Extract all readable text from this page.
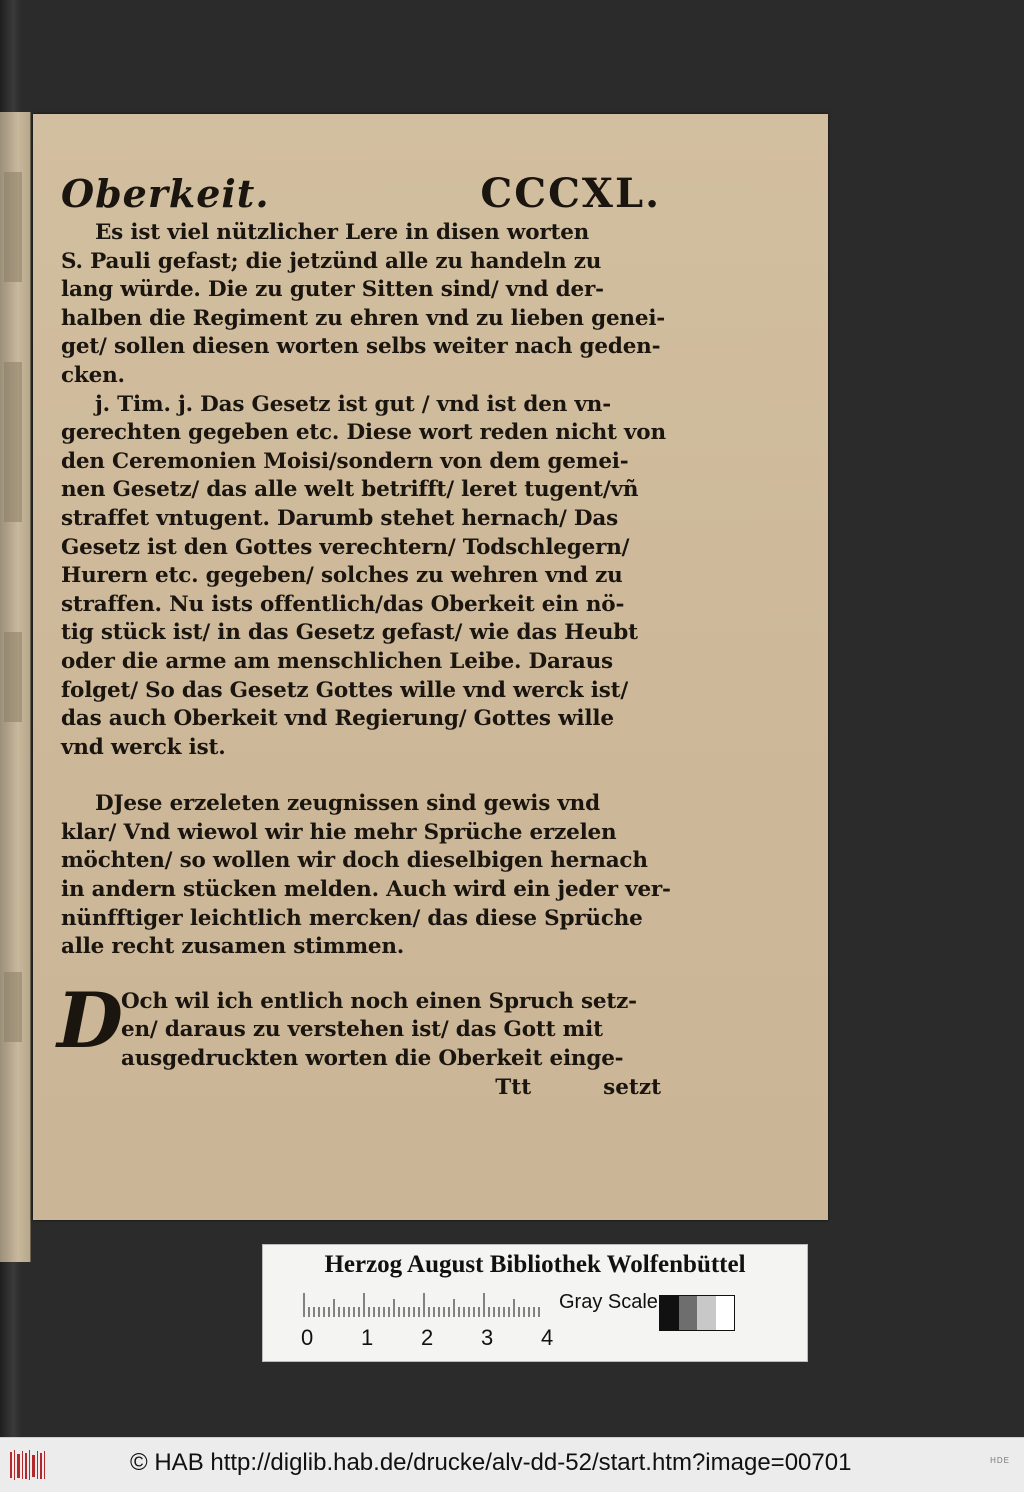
Oberkeit.	CCCXL.
Es ist viel nützlicher Lere in disen worten
S. Pauli gefast; die jetzünd alle zu handeln zu
lang würde. Die zu guter Sitten sind/ vnd der-
halben die Regiment zu ehren vnd zu lieben genei-
get/ sollen diesen worten selbs weiter nach geden-
cken.
j. Tim. j. Das Gesetz ist gut / vnd ist den vn-
gerechten gegeben etc. Diese wort reden nicht von
den Ceremonien Moisi/sondern von dem gemei-
nen Gesetz/ das alle welt betrifft/ leret tugent/vñ
straffet vntugent. Darumb stehet hernach/ Das
Gesetz ist den Gottes verechtern/ Todschlegern/
Hurern etc. gegeben/ solches zu wehren vnd zu
straffen. Nu ists offentlich/das Oberkeit ein nö-
tig stück ist/ in das Gesetz gefast/ wie das Heubt
oder die arme am menschlichen Leibe. Daraus
folget/ So das Gesetz Gottes wille vnd werck ist/
das auch Oberkeit vnd Regierung/ Gottes wille
vnd werck ist.
DJese erzeleten zeugnissen sind gewis vnd
klar/ Vnd wiewol wir hie mehr Sprüche erzelen
möchten/ so wollen wir doch dieselbigen hernach
in andern stücken melden. Auch wird ein jeder ver-
nünfftiger leichtlich mercken/ das diese Sprüche
alle recht zusamen stimmen.
D
Och wil ich entlich noch einen Spruch setz-
en/ daraus zu verstehen ist/ das Gott mit
ausgedruckten worten die Oberkeit einge-
Ttt	setzt
Herzog August Bibliothek Wolfenbüttel
0 1 2 3 4
Gray Scale
© HAB http://diglib.hab.de/drucke/alv-dd-52/start.htm?image=00701	HDE
